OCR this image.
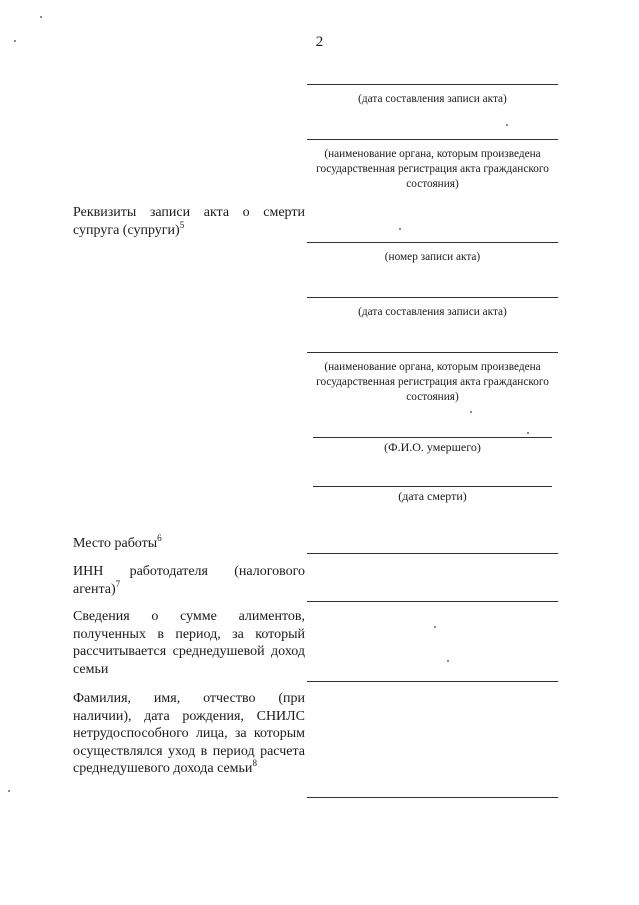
2
(дата составления записи акта)
(наименование органа, которым произведена государственная регистрация акта гражданского состояния)
Реквизиты записи акта о смерти супруга (супруги)$^5$
(номер записи акта)
(дата составления записи акта)
(наименование органа, которым произведена государственная регистрация акта гражданского состояния)
(Ф.И.О. умершего)
(дата смерти)
Место работы$^6$
ИНН работодателя (налогового агента)$^7$
Сведения о сумме алиментов, полученных в период, за который рассчитывается среднедушевой доход семьи
Фамилия, имя, отчество (при наличии), дата рождения, СНИЛС нетрудоспособного лица, за которым осуществлялся уход в период расчета среднедушевого дохода семьи$^8$
